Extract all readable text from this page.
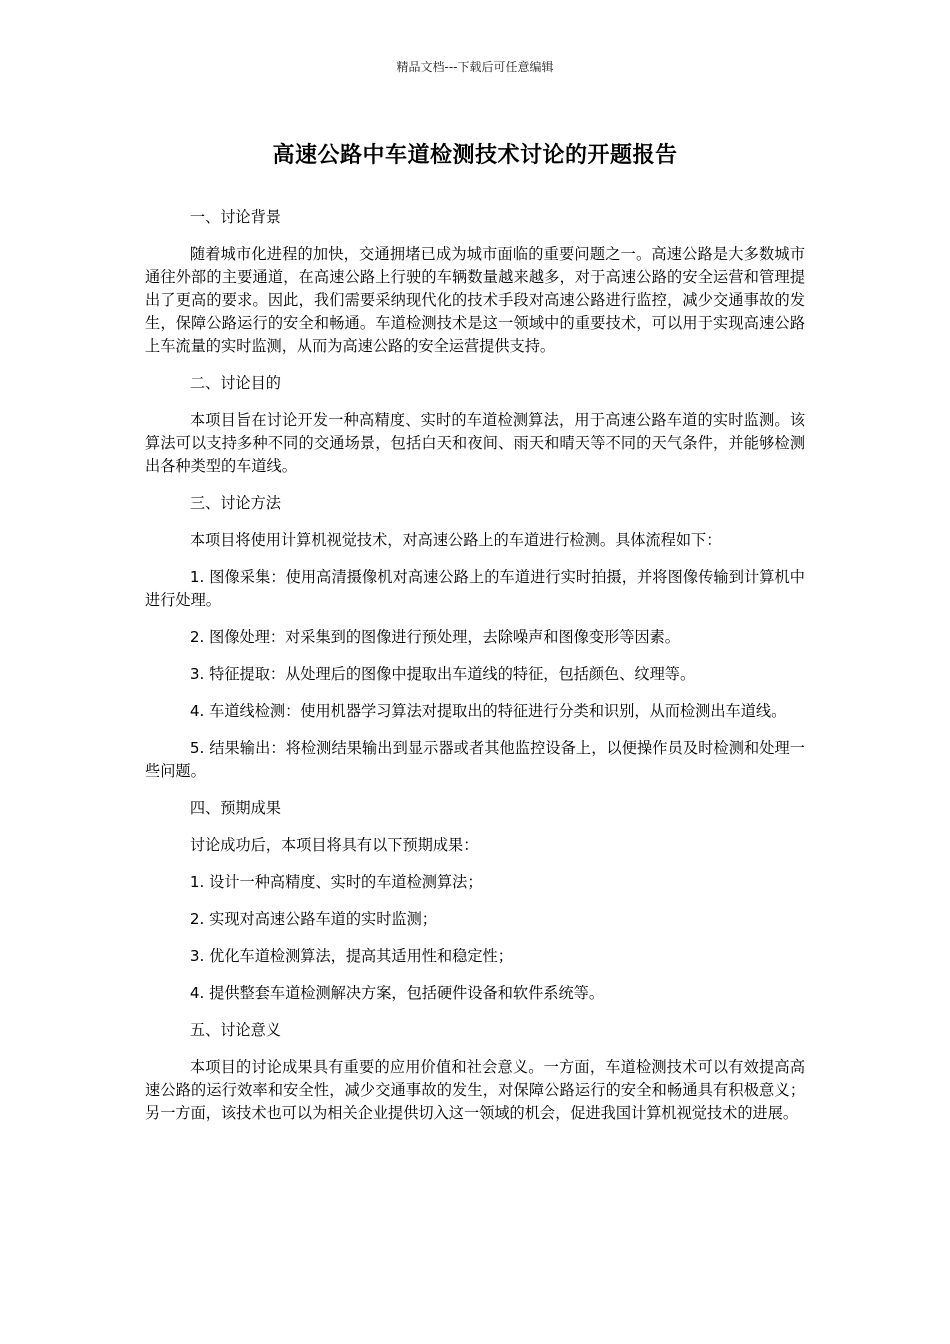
精品文档---下载后可任意编辑
高速公路中车道检测技术讨论的开题报告

一、讨论背景

随着城市化进程的加快，交通拥堵已成为城市面临的重要问题之一。高速公路是大多数城市通往外部的主要通道，在高速公路上行驶的车辆数量越来越多，对于高速公路的安全运营和管理提出了更高的要求。因此，我们需要采纳现代化的技术手段对高速公路进行监控，减少交通事故的发生，保障公路运行的安全和畅通。车道检测技术是这一领域中的重要技术，可以用于实现高速公路上车流量的实时监测，从而为高速公路的安全运营提供支持。

二、讨论目的

本项目旨在讨论开发一种高精度、实时的车道检测算法，用于高速公路车道的实时监测。该算法可以支持多种不同的交通场景，包括白天和夜间、雨天和晴天等不同的天气条件，并能够检测出各种类型的车道线。

三、讨论方法

本项目将使用计算机视觉技术，对高速公路上的车道进行检测。具体流程如下：

1. 图像采集：使用高清摄像机对高速公路上的车道进行实时拍摄，并将图像传输到计算机中进行处理。

2. 图像处理：对采集到的图像进行预处理，去除噪声和图像变形等因素。

3. 特征提取：从处理后的图像中提取出车道线的特征，包括颜色、纹理等。

4. 车道线检测：使用机器学习算法对提取出的特征进行分类和识别，从而检测出车道线。

5. 结果输出：将检测结果输出到显示器或者其他监控设备上，以便操作员及时检测和处理一些问题。

四、预期成果

讨论成功后，本项目将具有以下预期成果：

1. 设计一种高精度、实时的车道检测算法；

2. 实现对高速公路车道的实时监测；

3. 优化车道检测算法，提高其适用性和稳定性；

4. 提供整套车道检测解决方案，包括硬件设备和软件系统等。

五、讨论意义

本项目的讨论成果具有重要的应用价值和社会意义。一方面，车道检测技术可以有效提高高速公路的运行效率和安全性，减少交通事故的发生，对保障公路运行的安全和畅通具有积极意义；另一方面，该技术也可以为相关企业提供切入这一领域的机会，促进我国计算机视觉技术的进展。
